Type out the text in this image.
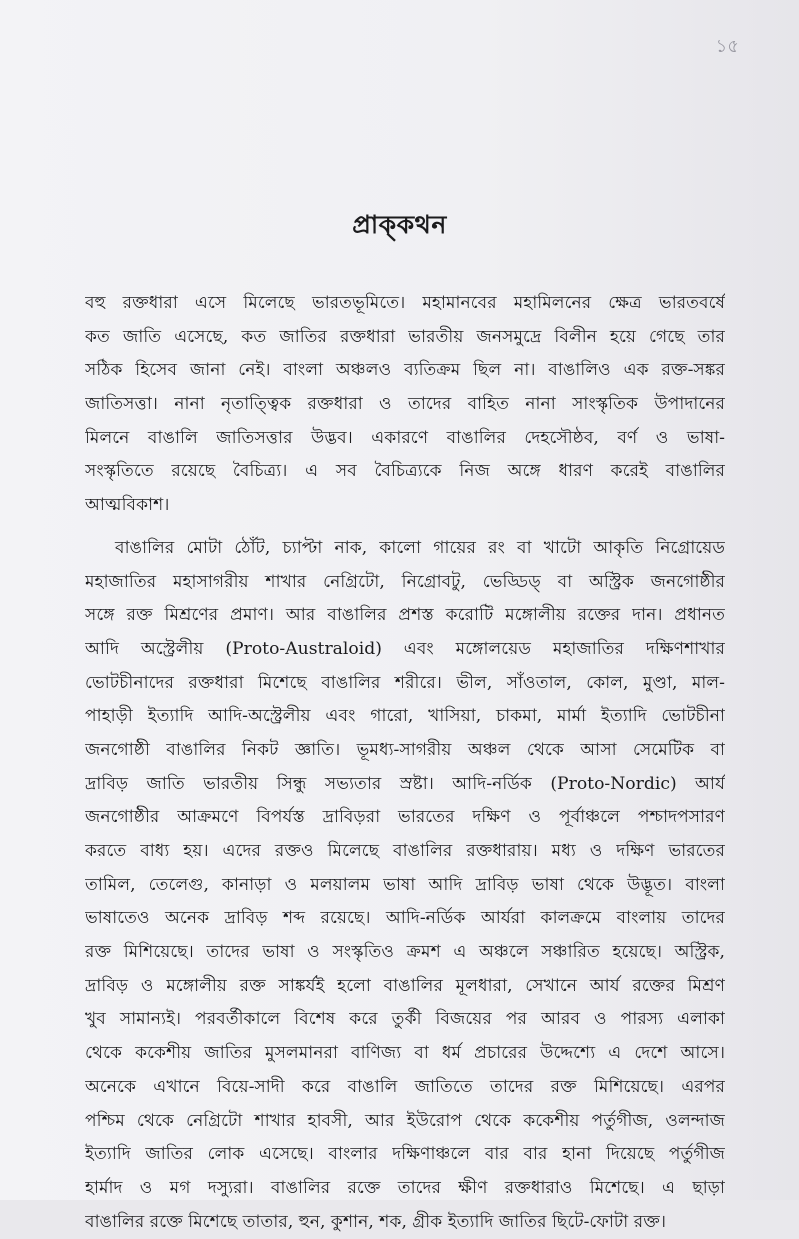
১৫
প্রাক্‌কথন
বহু রক্তধারা এসে মিলেছে ভারতভূমিতে। মহামানবের মহামিলনের ক্ষেত্র ভারতবর্ষে
কত জাতি এসেছে, কত জাতির রক্তধারা ভারতীয় জনসমুদ্রে বিলীন হয়ে গেছে তার
সঠিক হিসেব জানা নেই। বাংলা অঞ্চলও ব্যতিক্রম ছিল না। বাঙালিও এক রক্ত-সঙ্কর
জাতিসত্তা। নানা নৃতাত্ত্বিক রক্তধারা ও তাদের বাহিত নানা সাংস্কৃতিক উপাদানের
মিলনে বাঙালি জাতিসত্তার উদ্ভব। একারণে বাঙালির দেহসৌষ্ঠব, বর্ণ ও ভাষা-
সংস্কৃতিতে রয়েছে বৈচিত্র্য। এ সব বৈচিত্র্যকে নিজ অঙ্গে ধারণ করেই বাঙালির
আত্মবিকাশ।
বাঙালির মোটা ঠোঁট, চ্যাপ্টা নাক, কালো গায়ের রং বা খাটো আকৃতি নিগ্রোয়েড
মহাজাতির মহাসাগরীয় শাখার নেগ্রিটো, নিগ্রোবটু, ভেড্ডিড্‌ বা অস্ট্রিক জনগোষ্ঠীর
সঙ্গে রক্ত মিশ্রণের প্রমাণ। আর বাঙালির প্রশস্ত করোটি মঙ্গোলীয় রক্তের দান। প্রধানত
আদি অস্ট্রেলীয় (Proto-Australoid) এবং মঙ্গোলয়েড মহাজাতির দক্ষিণশাখার
ভোটচীনাদের রক্তধারা মিশেছে বাঙালির শরীরে। ভীল, সাঁওতাল, কোল, মুণ্ডা, মাল-
পাহাড়ী ইত্যাদি আদি-অস্ট্রেলীয় এবং গারো, খাসিয়া, চাকমা, মার্মা ইত্যাদি ভোটচীনা
জনগোষ্ঠী বাঙালির নিকট জ্ঞাতি। ভূমধ্য-সাগরীয় অঞ্চল থেকে আসা সেমেটিক বা
দ্রাবিড় জাতি ভারতীয় সিন্ধু সভ্যতার স্রষ্টা। আদি-নর্ডিক (Proto-Nordic) আর্য
জনগোষ্ঠীর আক্রমণে বিপর্যস্ত দ্রাবিড়রা ভারতের দক্ষিণ ও পূর্বাঞ্চলে পশ্চাদপসারণ
করতে বাধ্য হয়। এদের রক্তও মিলেছে বাঙালির রক্তধারায়। মধ্য ও দক্ষিণ ভারতের
তামিল, তেলেগু, কানাড়া ও মলয়ালম ভাষা আদি দ্রাবিড় ভাষা থেকে উদ্ভূত। বাংলা
ভাষাতেও অনেক দ্রাবিড় শব্দ রয়েছে। আদি-নর্ডিক আর্যরা কালক্রমে বাংলায় তাদের
রক্ত মিশিয়েছে। তাদের ভাষা ও সংস্কৃতিও ক্রমশ এ অঞ্চলে সঞ্চারিত হয়েছে। অস্ট্রিক,
দ্রাবিড় ও মঙ্গোলীয় রক্ত সাঙ্কর্যই হলো বাঙালির মূলধারা, সেখানে আর্য রক্তের মিশ্রণ
খুব সামান্যই। পরবর্তীকালে বিশেষ করে তুর্কী বিজয়ের পর আরব ও পারস্য এলাকা
থেকে ককেশীয় জাতির মুসলমানরা বাণিজ্য বা ধর্ম প্রচারের উদ্দেশ্যে এ দেশে আসে।
অনেকে এখানে বিয়ে-সাদী করে বাঙালি জাতিতে তাদের রক্ত মিশিয়েছে। এরপর
পশ্চিম থেকে নেগ্রিটো শাখার হাবসী, আর ইউরোপ থেকে ককেশীয় পর্তুগীজ, ওলন্দাজ
ইত্যাদি জাতির লোক এসেছে। বাংলার দক্ষিণাঞ্চলে বার বার হানা দিয়েছে পর্তুগীজ
হার্মাদ ও মগ দস্যুরা। বাঙালির রক্তে তাদের ক্ষীণ রক্তধারাও মিশেছে। এ ছাড়া
বাঙালির রক্তে মিশেছে তাতার, হুন, কুশান, শক, গ্রীক ইত্যাদি জাতির ছিটে-ফোটা রক্ত।
